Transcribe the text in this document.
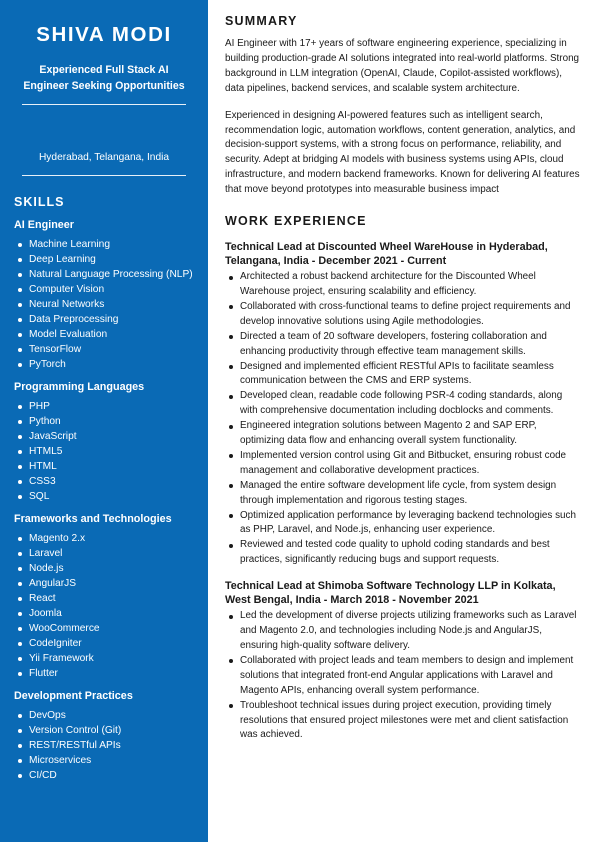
SHIVA MODI
Experienced Full Stack AI Engineer Seeking Opportunities
Hyderabad, Telangana, India
SKILLS
AI Engineer
Machine Learning
Deep Learning
Natural Language Processing (NLP)
Computer Vision
Neural Networks
Data Preprocessing
Model Evaluation
TensorFlow
PyTorch
Programming Languages
PHP
Python
JavaScript
HTML5
HTML
CSS3
SQL
Frameworks and Technologies
Magento 2.x
Laravel
Node.js
AngularJS
React
Joomla
WooCommerce
CodeIgniter
Yii Framework
Flutter
Development Practices
DevOps
Version Control (Git)
REST/RESTful APIs
Microservices
CI/CD
SUMMARY

AI Engineer with 17+ years of software engineering experience, specializing in building production-grade AI solutions integrated into real-world platforms. Strong background in LLM integration (OpenAI, Claude, Copilot-assisted workflows), data pipelines, backend services, and scalable system architecture.

Experienced in designing AI-powered features such as intelligent search, recommendation logic, automation workflows, content generation, analytics, and decision-support systems, with a strong focus on performance, reliability, and security. Adept at bridging AI models with business systems using APIs, cloud infrastructure, and modern backend frameworks. Known for delivering AI features that move beyond prototypes into measurable business impact

WORK EXPERIENCE
Technical Lead at Discounted Wheel WareHouse in Hyderabad, Telangana, India - December 2021 - Current
Architected a robust backend architecture for the Discounted Wheel Warehouse project, ensuring scalability and efficiency.
Collaborated with cross-functional teams to define project requirements and develop innovative solutions using Agile methodologies.
Directed a team of 20 software developers, fostering collaboration and enhancing productivity through effective team management skills.
Designed and implemented efficient RESTful APIs to facilitate seamless communication between the CMS and ERP systems.
Developed clean, readable code following PSR-4 coding standards, along with comprehensive documentation including docblocks and comments.
Engineered integration solutions between Magento 2 and SAP ERP, optimizing data flow and enhancing overall system functionality.
Implemented version control using Git and Bitbucket, ensuring robust code management and collaborative development practices.
Managed the entire software development life cycle, from system design through implementation and rigorous testing stages.
Optimized application performance by leveraging backend technologies such as PHP, Laravel, and Node.js, enhancing user experience.
Reviewed and tested code quality to uphold coding standards and best practices, significantly reducing bugs and support requests.
Technical Lead at Shimoba Software Technology LLP in Kolkata, West Bengal, India - March 2018 - November 2021
Led the development of diverse projects utilizing frameworks such as Laravel and Magento 2.0, and technologies including Node.js and AngularJS, ensuring high-quality software delivery.
Collaborated with project leads and team members to design and implement solutions that integrated front-end Angular applications with Laravel and Magento APIs, enhancing overall system performance.
Troubleshoot technical issues during project execution, providing timely resolutions that ensured project milestones were met and client satisfaction was achieved.
